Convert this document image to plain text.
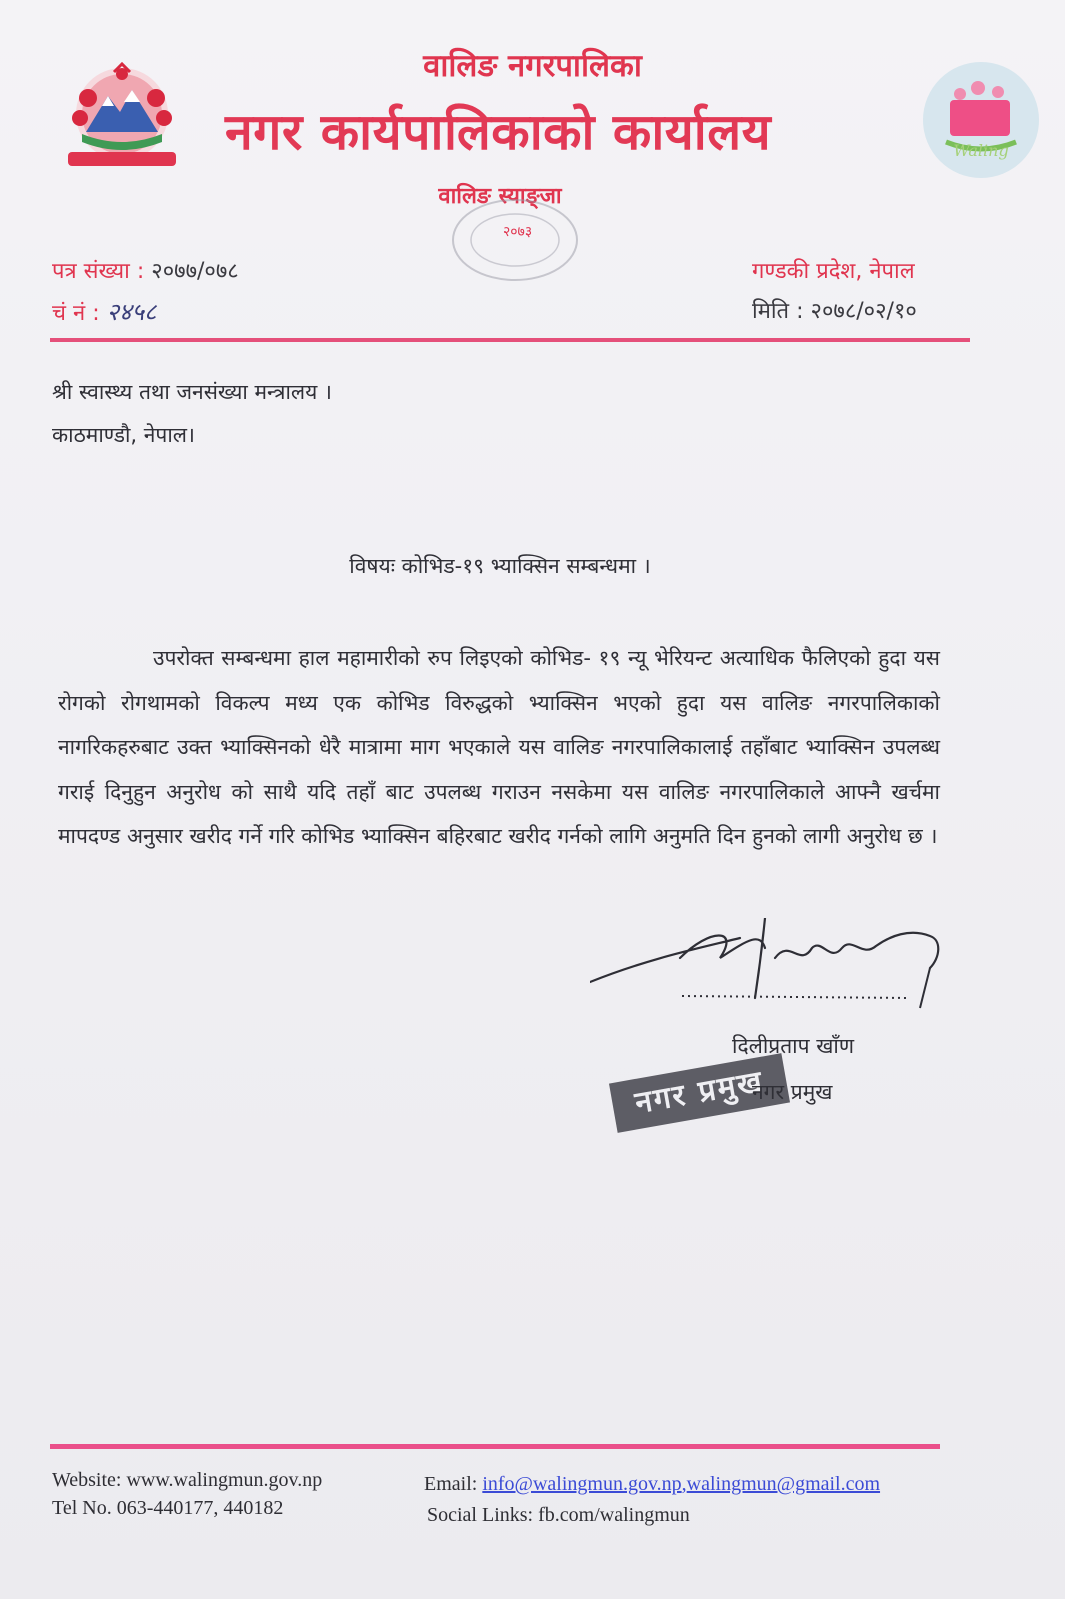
वालिङ नगरपालिका
नगर कार्यपालिकाको कार्यालय
वालिङ स्याङ्जा
Waling
२०७३
पत्र संख्या : २०७७/०७८
चं नं : २४५८
गण्डकी प्रदेश, नेपाल
मिति : २०७८/०२/१०
श्री स्वास्थ्य तथा जनसंख्या मन्त्रालय ।
काठमाण्डौ, नेपाल।
विषयः कोभिड-१९ भ्याक्सिन सम्बन्धमा ।
उपरोक्त सम्बन्धमा हाल महामारीको रुप लिइएको कोभिड- १९ न्यू भेरियन्ट अत्याधिक फैलिएको हुदा यस रोगको रोगथामको विकल्प मध्य एक कोभिड विरुद्धको भ्याक्सिन भएको हुदा यस वालिङ नगरपालिकाको नागरिकहरुबाट उक्त भ्याक्सिनको धेरै मात्रामा माग भएकाले यस वालिङ नगरपालिकालाई तहाँबाट भ्याक्सिन उपलब्ध गराई दिनुहुन अनुरोध को साथै यदि तहाँ बाट उपलब्ध गराउन नसकेमा यस वालिङ नगरपालिकाले आफ्नै खर्चमा मापदण्ड अनुसार खरीद गर्ने गरि कोभिड भ्याक्सिन बहिरबाट खरीद गर्नको लागि अनुमति दिन हुनको लागी अनुरोध छ ।
नगर प्रमुख
दिलीप्रताप खाँण
नगर प्रमुख
Website: www.walingmun.gov.np
Tel No. 063-440177, 440182
Email: info@walingmun.gov.np,walingmun@gmail.com
Social Links: fb.com/walingmun
